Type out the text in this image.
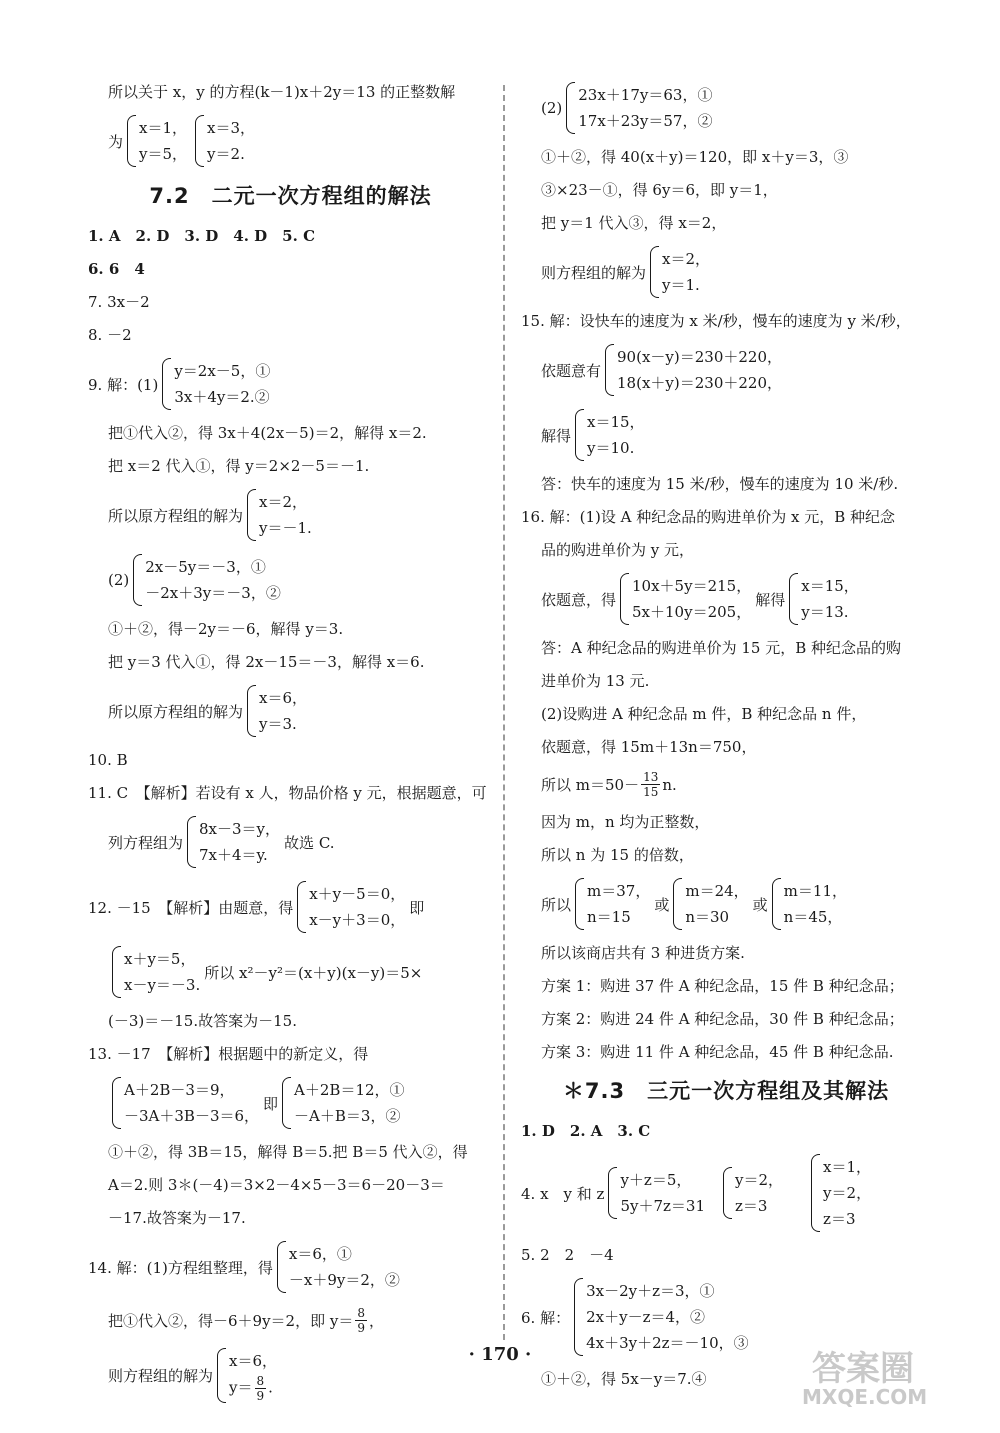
所以关于 x，y 的方程(k－1)x＋2y＝13 的正整数解
为
x＝1，
y＝5，
x＝3，
y＝2.
7.2　二元一次方程组的解法
1. A　2. D　3. D　4. D　5. C
6. 6　4
7. 3x－2
8. －2
9. 解：(1)
y＝2x－5，①
3x＋4y＝2.②
把①代入②，得 3x＋4(2x－5)＝2，解得 x＝2.
把 x＝2 代入①，得 y＝2×2－5＝－1.
所以原方程组的解为
x＝2，
y＝－1.
(2)
2x－5y＝－3，①
－2x＋3y＝－3，②
①＋②，得－2y＝－6，解得 y＝3.
把 y＝3 代入①，得 2x－15＝－3，解得 x＝6.
所以原方程组的解为
x＝6，
y＝3.
10. B
11. C　【解析】若设有 x 人，物品价格 y 元，根据题意，可
列方程组为
8x－3＝y，
7x＋4＝y.
故选 C.
12. －15　【解析】由题意，得
x＋y－5＝0，
x－y＋3＝0，
即
x＋y＝5，
x－y＝－3.
所以 x²－y²＝(x＋y)(x－y)＝5×
(－3)＝－15.故答案为－15.
13. －17　【解析】根据题中的新定义，得
A＋2B－3＝9，
－3A＋3B－3＝6，
即
A＋2B＝12，①
－A＋B＝3，②
①＋②，得 3B＝15，解得 B＝5.把 B＝5 代入②，得
A＝2.则 3＊(－4)＝3×2－4×5－3＝6－20－3＝
－17.故答案为－17.
14. 解：(1)方程组整理，得
x＝6，①
－x＋9y＝2，②
把①代入②，得－6＋9y＝2，即 $y= \frac{8}{9}$ ，
则方程组的解为
x＝6，
$y= \frac{8}{9}$ .
(2)
23x＋17y＝63，①
17x＋23y＝57，②
①＋②，得 40(x＋y)＝120，即 x＋y＝3，③
③×23－①，得 6y＝6，即 y＝1，
把 y＝1 代入③，得 x＝2，
则方程组的解为
x＝2，
y＝1.
15. 解：设快车的速度为 x 米/秒，慢车的速度为 y 米/秒，
依题意有
90(x－y)＝230＋220，
18(x＋y)＝230＋220，
解得
x＝15，
y＝10.
答：快车的速度为 15 米/秒，慢车的速度为 10 米/秒.
16. 解：(1)设 A 种纪念品的购进单价为 x 元，B 种纪念
品的购进单价为 y 元，
依题意，得
10x＋5y＝215，
5x＋10y＝205，
解得
x＝15，
y＝13.
答：A 种纪念品的购进单价为 15 元，B 种纪念品的购
进单价为 13 元.
(2)设购进 A 种纪念品 m 件，B 种纪念品 n 件，
依题意，得 15m＋13n＝750，
所以 $m=50- \frac{13}{15} n$.
因为 m，n 均为正整数，
所以 n 为 15 的倍数，
所以
m＝37，
n＝15
或
m＝24，
n＝30
或
m＝11，
n＝45，
所以该商店共有 3 种进货方案.
方案 1：购进 37 件 A 种纪念品，15 件 B 种纪念品；
方案 2：购进 24 件 A 种纪念品，30 件 B 种纪念品；
方案 3：购进 11 件 A 种纪念品，45 件 B 种纪念品.
＊7.3　三元一次方程组及其解法
1. D　2. A　3. C
4. x　y 和 z
y＋z＝5，
5y＋7z＝31
y＝2，
z＝3
x＝1，
y＝2，
z＝3
5. 2　2　－4
6. 解：
3x－2y＋z＝3，①
2x＋y－z＝4，②
4x＋3y＋2z＝－10，③
①＋②，得 5x－y＝7.④
· 170 ·	答案圈
MXQE.COM
